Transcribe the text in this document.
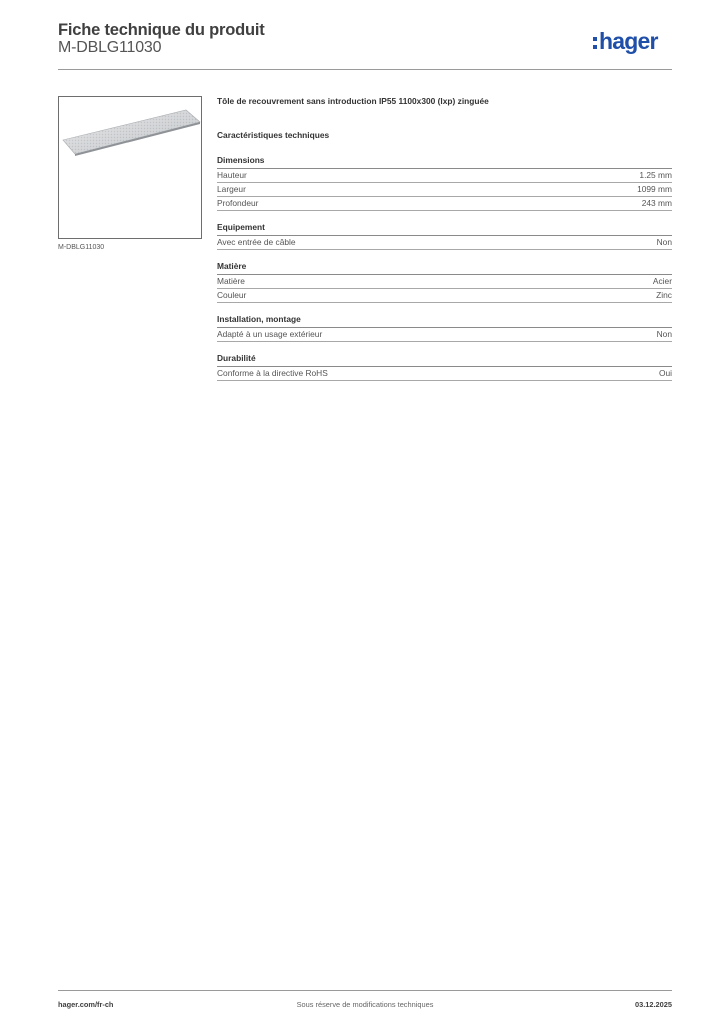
Fiche technique du produit
M-DBLG11030	hager
M-DBLG11030
Tôle de recouvrement sans introduction IP55 1100x300 (lxp) zinguée
Caractéristiques techniques
Dimensions
Hauteur	1.25 mm
Largeur	1099 mm
Profondeur	243 mm
Equipement
Avec entrée de câble	Non
Matière
Matière	Acier
Couleur	Zinc
Installation, montage
Adapté à un usage extérieur	Non
Durabilité
Conforme à la directive RoHS	Oui
hager.com/fr-ch	Sous réserve de modifications techniques	03.12.2025
